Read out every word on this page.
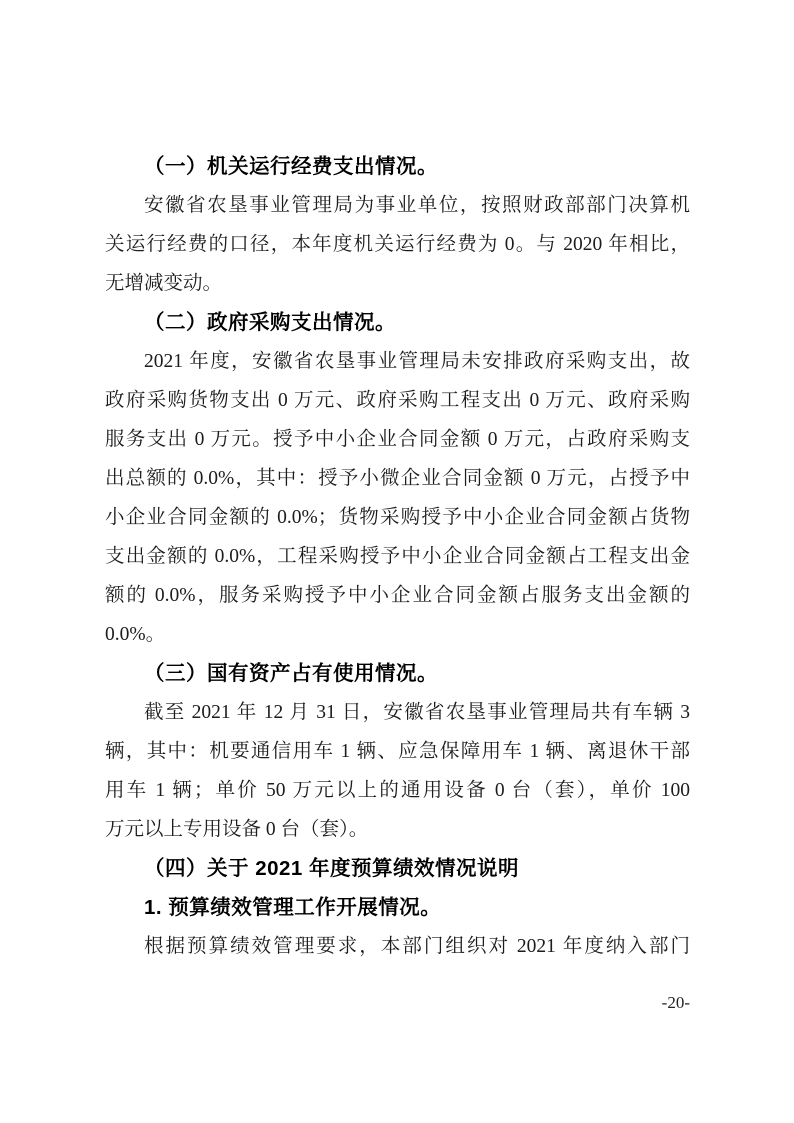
（一）机关运行经费支出情况。
安徽省农垦事业管理局为事业单位，按照财政部部门决算机
关运行经费的口径，本年度机关运行经费为 0。与 2020 年相比，
无增减变动。
（二）政府采购支出情况。
2021 年度，安徽省农垦事业管理局未安排政府采购支出，故
政府采购货物支出 0 万元、政府采购工程支出 0 万元、政府采购
服务支出 0 万元。授予中小企业合同金额 0 万元，占政府采购支
出总额的 0.0%，其中：授予小微企业合同金额 0 万元，占授予中
小企业合同金额的 0.0%；货物采购授予中小企业合同金额占货物
支出金额的 0.0%，工程采购授予中小企业合同金额占工程支出金
额的 0.0%，服务采购授予中小企业合同金额占服务支出金额的
0.0%。
（三）国有资产占有使用情况。
截至 2021 年 12 月 31 日，安徽省农垦事业管理局共有车辆 3
辆，其中：机要通信用车 1 辆、应急保障用车 1 辆、离退休干部
用车 1 辆；单价 50 万元以上的通用设备 0 台（套），单价 100
万元以上专用设备 0 台（套）。
（四）关于 2021 年度预算绩效情况说明
1. 预算绩效管理工作开展情况。
根据预算绩效管理要求，本部门组织对 2021 年度纳入部门
-20-
